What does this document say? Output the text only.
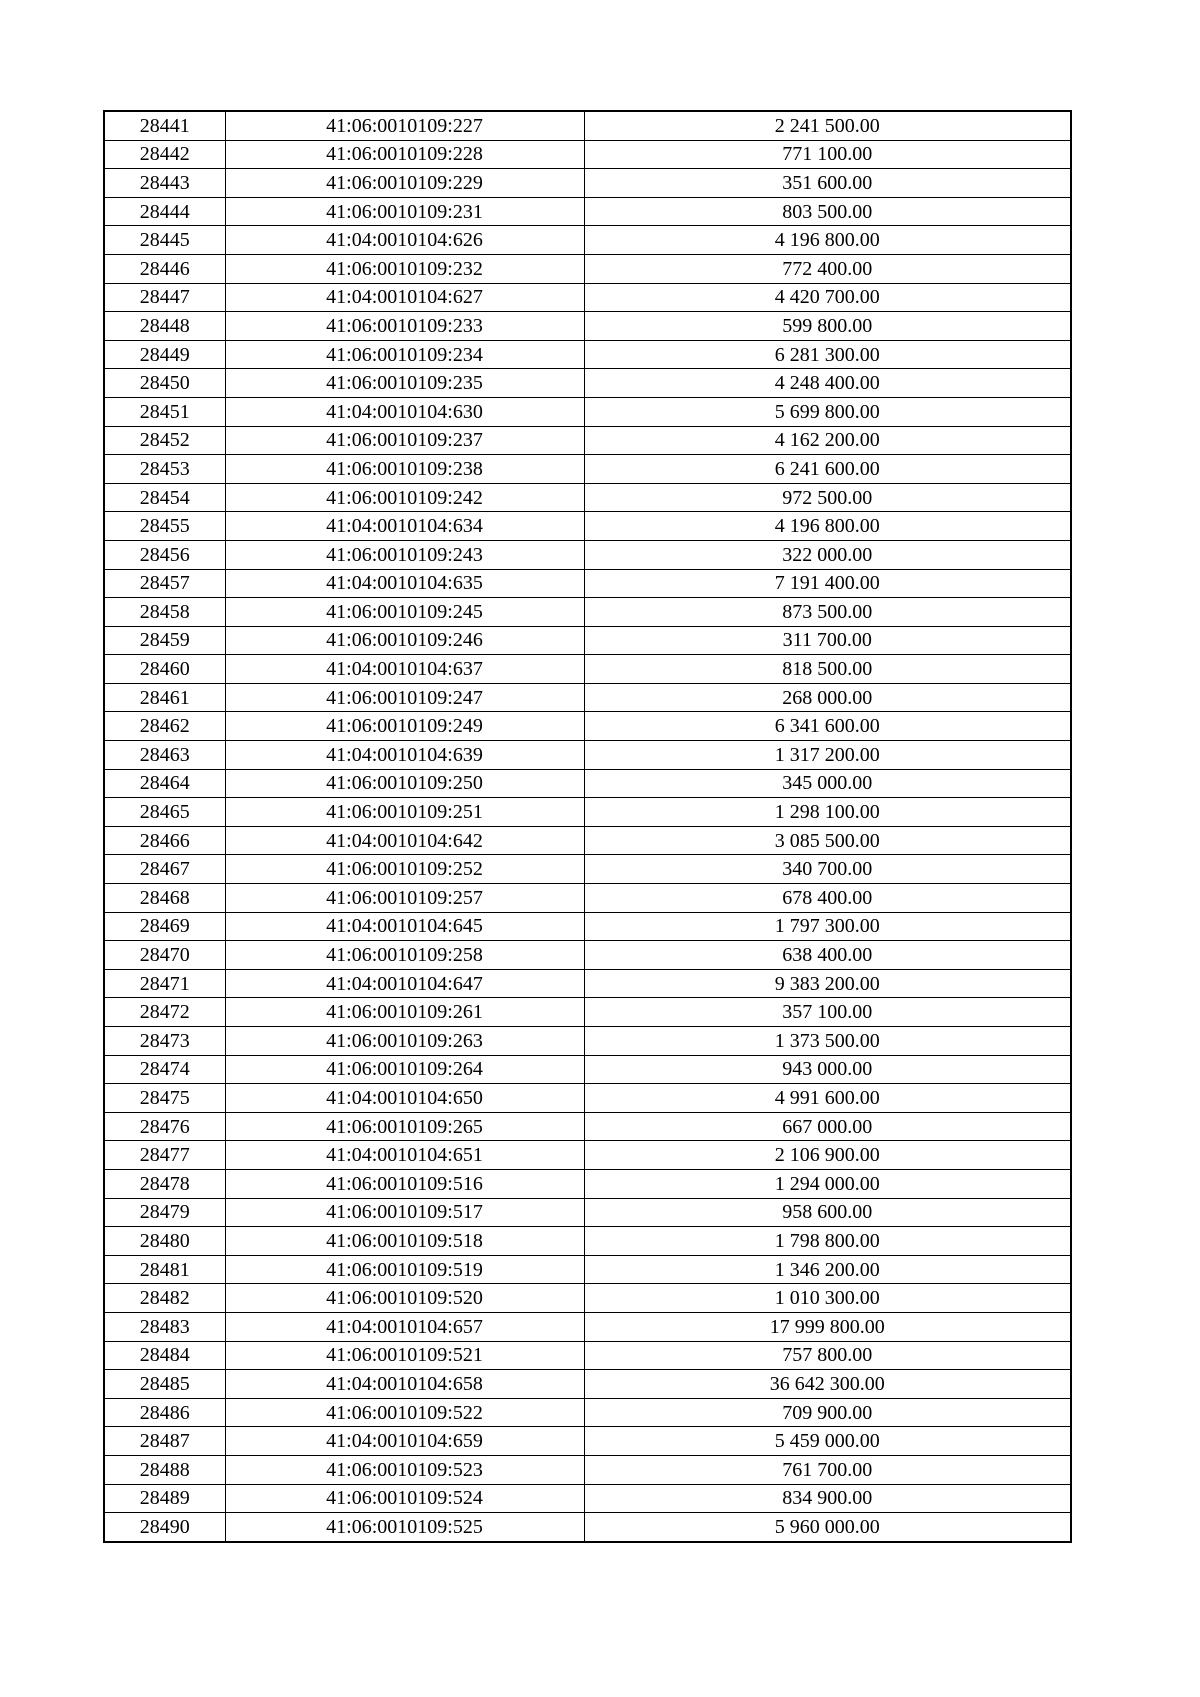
28441	41:06:0010109:227	2 241 500.00
28442	41:06:0010109:228	771 100.00
28443	41:06:0010109:229	351 600.00
28444	41:06:0010109:231	803 500.00
28445	41:04:0010104:626	4 196 800.00
28446	41:06:0010109:232	772 400.00
28447	41:04:0010104:627	4 420 700.00
28448	41:06:0010109:233	599 800.00
28449	41:06:0010109:234	6 281 300.00
28450	41:06:0010109:235	4 248 400.00
28451	41:04:0010104:630	5 699 800.00
28452	41:06:0010109:237	4 162 200.00
28453	41:06:0010109:238	6 241 600.00
28454	41:06:0010109:242	972 500.00
28455	41:04:0010104:634	4 196 800.00
28456	41:06:0010109:243	322 000.00
28457	41:04:0010104:635	7 191 400.00
28458	41:06:0010109:245	873 500.00
28459	41:06:0010109:246	311 700.00
28460	41:04:0010104:637	818 500.00
28461	41:06:0010109:247	268 000.00
28462	41:06:0010109:249	6 341 600.00
28463	41:04:0010104:639	1 317 200.00
28464	41:06:0010109:250	345 000.00
28465	41:06:0010109:251	1 298 100.00
28466	41:04:0010104:642	3 085 500.00
28467	41:06:0010109:252	340 700.00
28468	41:06:0010109:257	678 400.00
28469	41:04:0010104:645	1 797 300.00
28470	41:06:0010109:258	638 400.00
28471	41:04:0010104:647	9 383 200.00
28472	41:06:0010109:261	357 100.00
28473	41:06:0010109:263	1 373 500.00
28474	41:06:0010109:264	943 000.00
28475	41:04:0010104:650	4 991 600.00
28476	41:06:0010109:265	667 000.00
28477	41:04:0010104:651	2 106 900.00
28478	41:06:0010109:516	1 294 000.00
28479	41:06:0010109:517	958 600.00
28480	41:06:0010109:518	1 798 800.00
28481	41:06:0010109:519	1 346 200.00
28482	41:06:0010109:520	1 010 300.00
28483	41:04:0010104:657	17 999 800.00
28484	41:06:0010109:521	757 800.00
28485	41:04:0010104:658	36 642 300.00
28486	41:06:0010109:522	709 900.00
28487	41:04:0010104:659	5 459 000.00
28488	41:06:0010109:523	761 700.00
28489	41:06:0010109:524	834 900.00
28490	41:06:0010109:525	5 960 000.00
